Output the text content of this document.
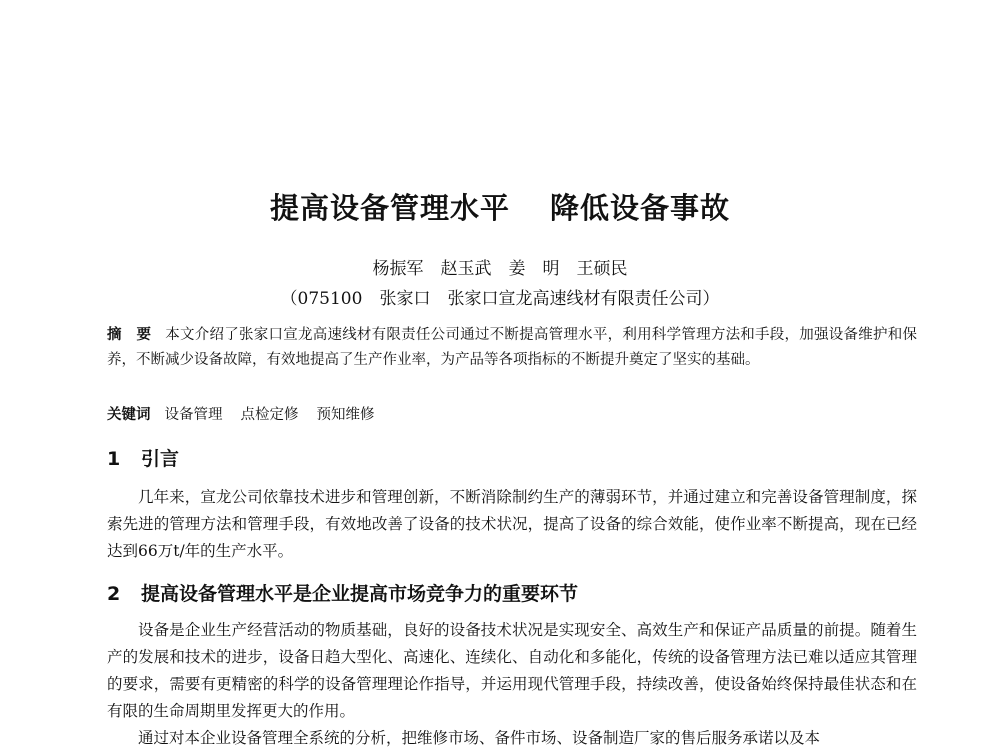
提高设备管理水平 降低设备事故
杨振军　赵玉武　姜　明　王硕民
（075100　张家口　张家口宣龙高速线材有限责任公司）
摘　要 本文介绍了张家口宣龙高速线材有限责任公司通过不断提高管理水平，利用科学管理方法和手段，加强设备维护和保养，不断减少设备故障，有效地提高了生产作业率，为产品等各项指标的不断提升奠定了坚实的基础。
关键词 设备管理 点检定修 预知维修
1 引言
几年来，宣龙公司依靠技术进步和管理创新，不断消除制约生产的薄弱环节，并通过建立和完善设备管理制度，探索先进的管理方法和管理手段，有效地改善了设备的技术状况，提高了设备的综合效能，使作业率不断提高，现在已经达到66万t/年的生产水平。
2 提高设备管理水平是企业提高市场竞争力的重要环节
设备是企业生产经营活动的物质基础，良好的设备技术状况是实现安全、高效生产和保证产品质量的前提。随着生产的发展和技术的进步，设备日趋大型化、高速化、连续化、自动化和多能化，传统的设备管理方法已难以适应其管理的要求，需要有更精密的科学的设备管理理论作指导，并运用现代管理手段，持续改善，使设备始终保持最佳状态和在有限的生命周期里发挥更大的作用。
通过对本企业设备管理全系统的分析，把维修市场、备件市场、设备制造厂家的售后服务承诺以及本
